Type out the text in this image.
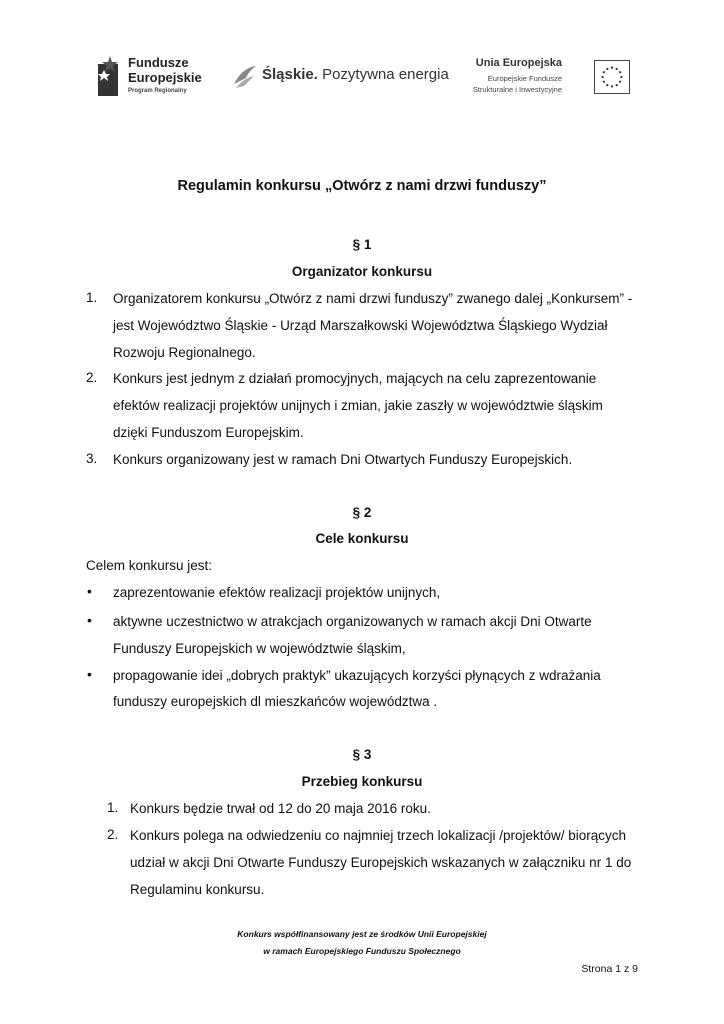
Fundusze
Europejskie
Program Regionalny
Śląskie. Pozytywna energia
Unia Europejska
Europejskie Fundusze
Strukturalne i Inwestycyjne
Regulamin konkursu „Otwórz z nami drzwi funduszy”
§ 1
Organizator konkursu
1. Organizatorem konkursu „Otwórz z nami drzwi funduszy” zwanego dalej „Konkursem” -
jest Województwo Śląskie - Urząd Marszałkowski Województwa Śląskiego Wydział
Rozwoju Regionalnego.
2. Konkurs jest jednym z działań promocyjnych, mających na celu zaprezentowanie
efektów realizacji projektów unijnych i zmian, jakie zaszły w województwie śląskim
dzięki Funduszom Europejskim.
3. Konkurs organizowany jest w ramach Dni Otwartych Funduszy Europejskich.
§ 2
Cele konkursu
Celem konkursu jest:
• zaprezentowanie efektów realizacji projektów unijnych,
• aktywne uczestnictwo w atrakcjach organizowanych w ramach akcji Dni Otwarte
Funduszy Europejskich w województwie śląskim,
• propagowanie idei „dobrych praktyk” ukazujących korzyści płynących z wdrażania
funduszy europejskich dl mieszkańców województwa .
§ 3
Przebieg konkursu
1. Konkurs będzie trwał od 12 do 20 maja 2016 roku.
2. Konkurs polega na odwiedzeniu co najmniej trzech lokalizacji /projektów/ biorących
udział w akcji Dni Otwarte Funduszy Europejskich wskazanych w załączniku nr 1 do
Regulaminu konkursu.
Konkurs współfinansowany jest ze środków Unii Europejskiej
w ramach Europejskiego Funduszu Społecznego
Strona 1 z 9
